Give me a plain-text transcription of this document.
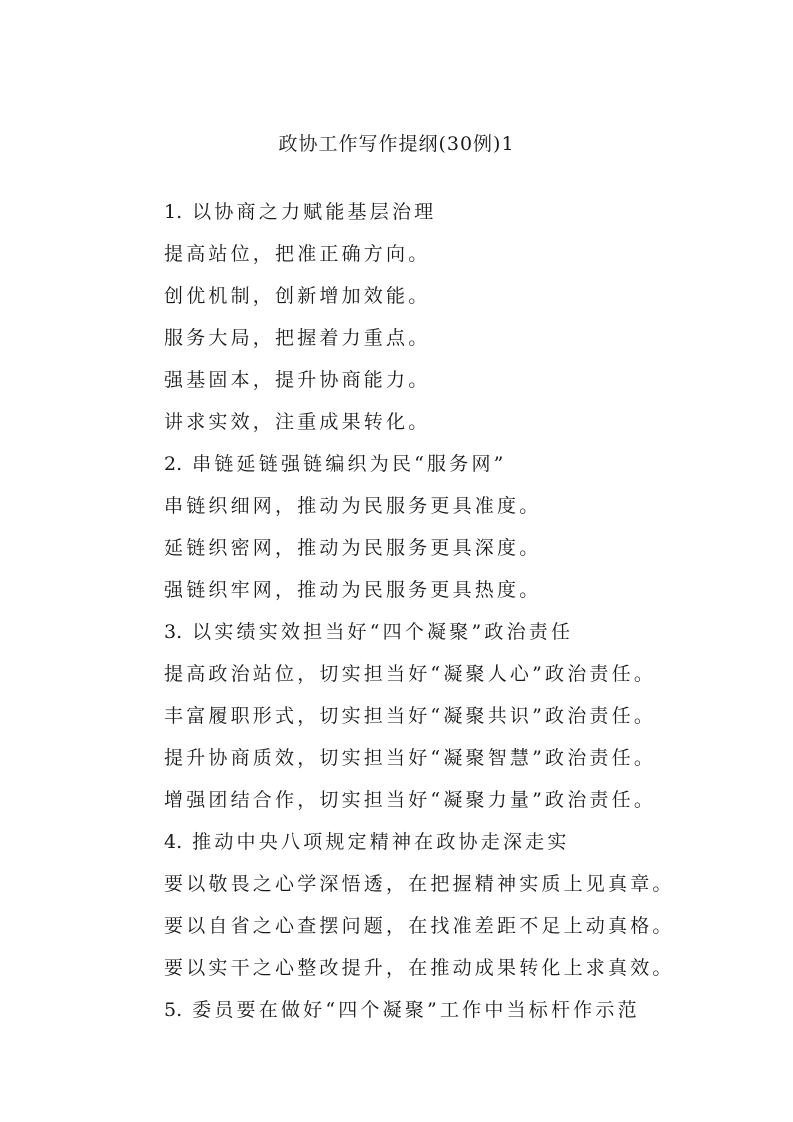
政协工作写作提纲(30例)1
1. 以协商之力赋能基层治理
提高站位，把准正确方向。
创优机制，创新增加效能。
服务大局，把握着力重点。
强基固本，提升协商能力。
讲求实效，注重成果转化。
2. 串链延链强链编织为民“服务网”
串链织细网，推动为民服务更具准度。
延链织密网，推动为民服务更具深度。
强链织牢网，推动为民服务更具热度。
3. 以实绩实效担当好“四个凝聚”政治责任
提高政治站位，切实担当好“凝聚人心”政治责任。
丰富履职形式，切实担当好“凝聚共识”政治责任。
提升协商质效，切实担当好“凝聚智慧”政治责任。
增强团结合作，切实担当好“凝聚力量”政治责任。
4. 推动中央八项规定精神在政协走深走实
要以敬畏之心学深悟透，在把握精神实质上见真章。
要以自省之心查摆问题，在找准差距不足上动真格。
要以实干之心整改提升，在推动成果转化上求真效。
5. 委员要在做好“四个凝聚”工作中当标杆作示范
